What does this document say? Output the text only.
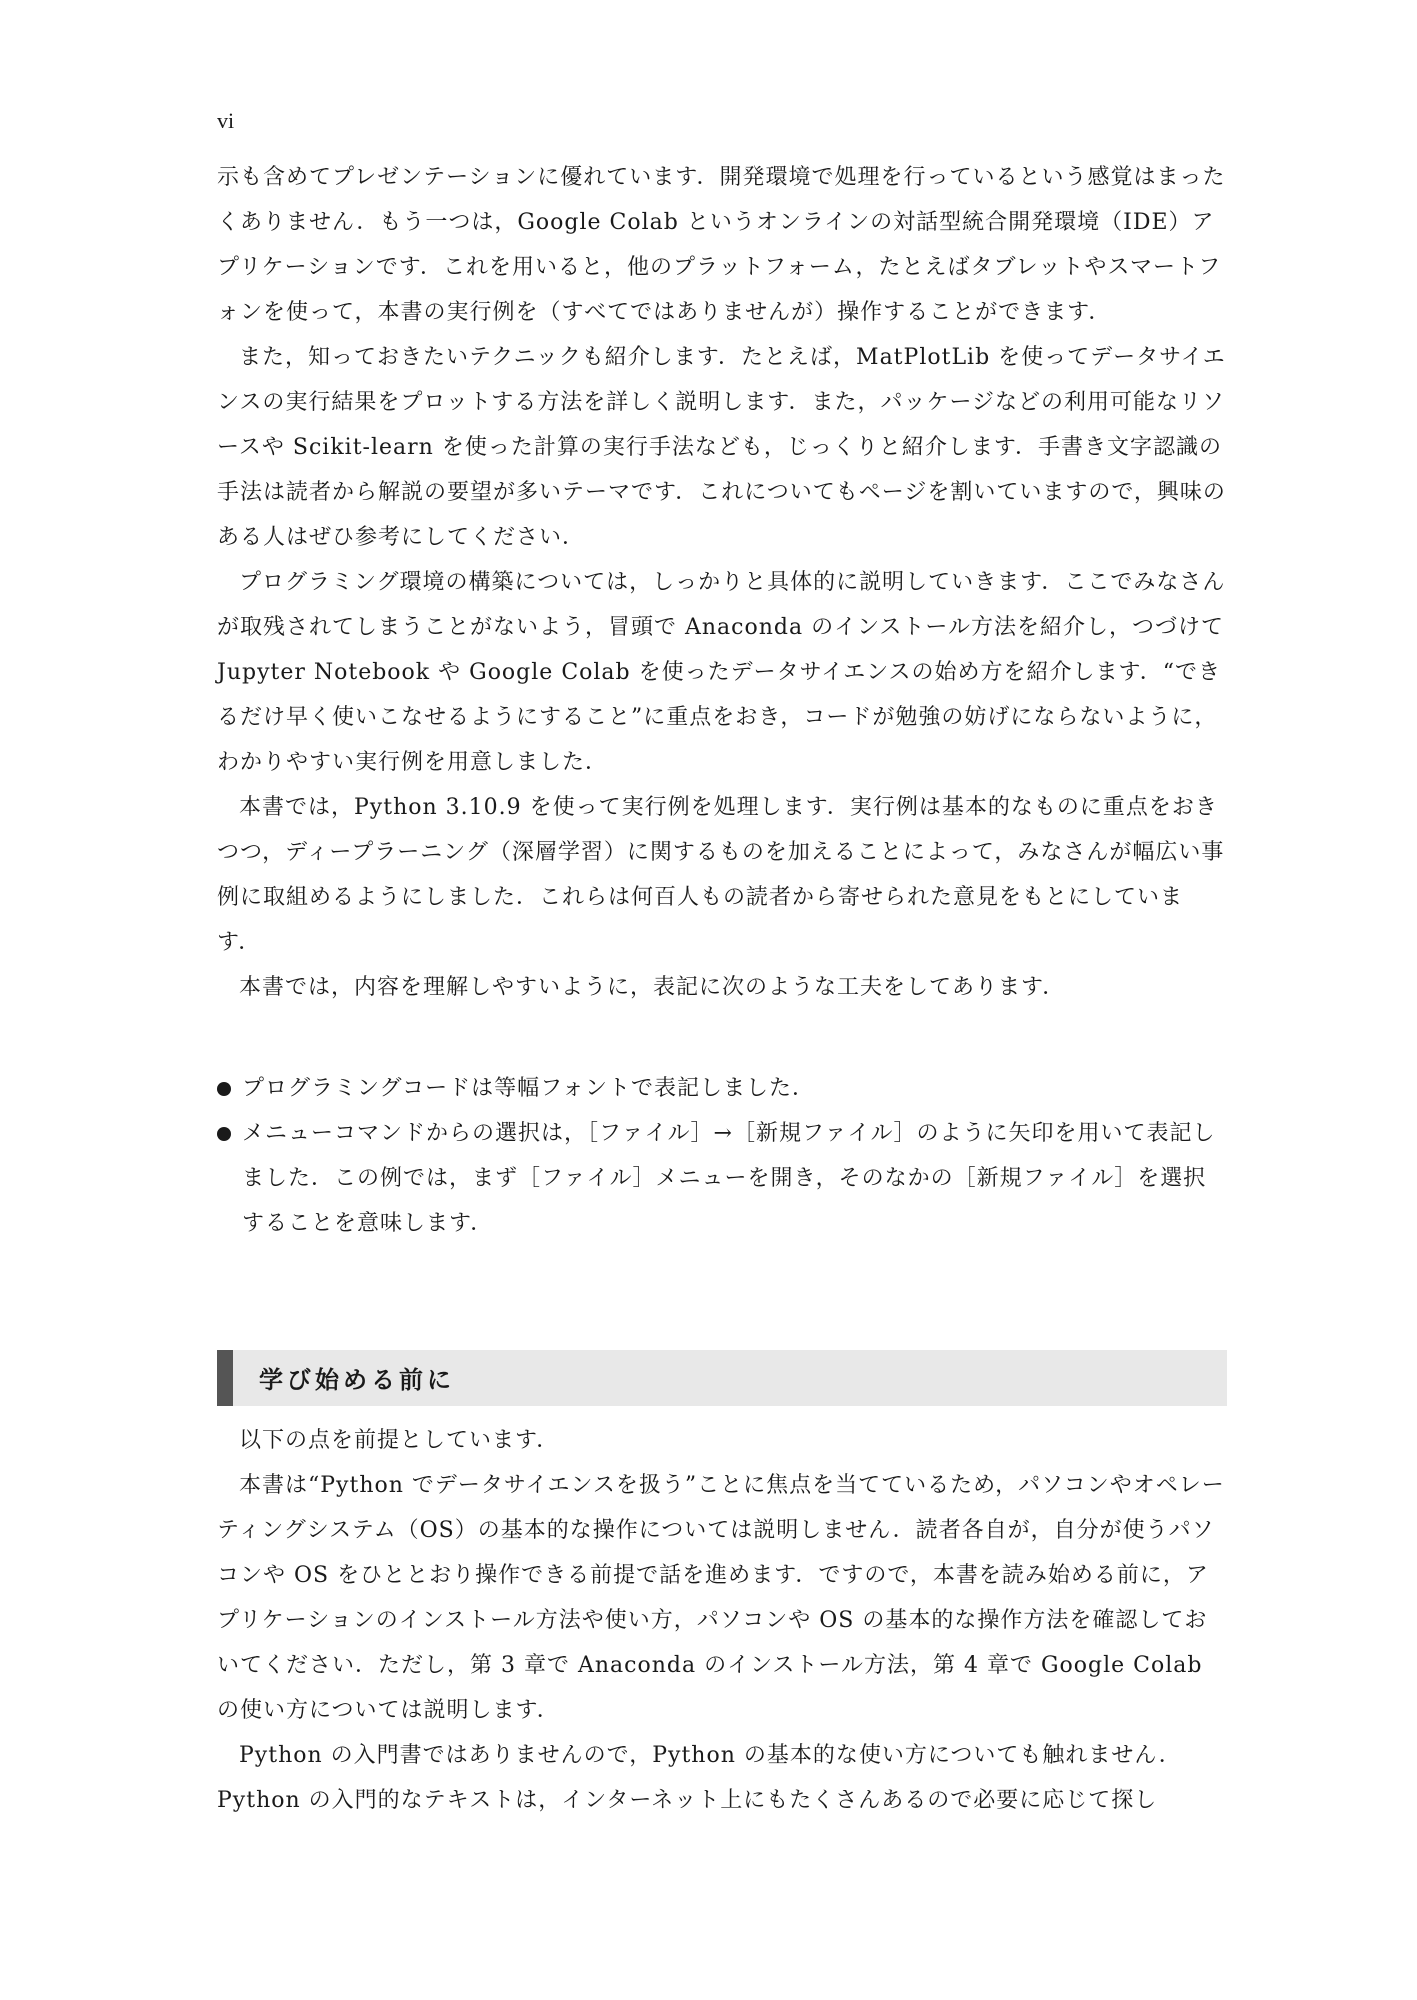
vi

示も含めてプレゼンテーションに優れています．開発環境で処理を行っているという感覚はまったくありません．もう一つは，Google Colab というオンラインの対話型統合開発環境（IDE）アプリケーションです．これを用いると，他のプラットフォーム，たとえばタブレットやスマートフォンを使って，本書の実行例を（すべてではありませんが）操作することができます．

また，知っておきたいテクニックも紹介します．たとえば，MatPlotLib を使ってデータサイエンスの実行結果をプロットする方法を詳しく説明します．また，パッケージなどの利用可能なリソースや Scikit-learn を使った計算の実行手法なども，じっくりと紹介します．手書き文字認識の手法は読者から解説の要望が多いテーマです．これについてもページを割いていますので，興味のある人はぜひ参考にしてください．

プログラミング環境の構築については，しっかりと具体的に説明していきます．ここでみなさんが取残されてしまうことがないよう，冒頭で Anaconda のインストール方法を紹介し，つづけて Jupyter Notebook や Google Colab を使ったデータサイエンスの始め方を紹介します．“できるだけ早く使いこなせるようにすること”に重点をおき，コードが勉強の妨げにならないように，わかりやすい実行例を用意しました．

本書では，Python 3.10.9 を使って実行例を処理します．実行例は基本的なものに重点をおきつつ，ディープラーニング（深層学習）に関するものを加えることによって，みなさんが幅広い事例に取組めるようにしました．これらは何百人もの読者から寄せられた意見をもとにしています．

本書では，内容を理解しやすいように，表記に次のような工夫をしてあります．

プログラミングコードは等幅フォントで表記しました．
メニューコマンドからの選択は，［ファイル］→［新規ファイル］のように矢印を用いて表記しました．この例では，まず［ファイル］メニューを開き，そのなかの［新規ファイル］を選択することを意味します．
学び始める前に

以下の点を前提としています．

本書は“Python でデータサイエンスを扱う”ことに焦点を当てているため，パソコンやオペレーティングシステム（OS）の基本的な操作については説明しません．読者各自が，自分が使うパソコンや OS をひととおり操作できる前提で話を進めます．ですので，本書を読み始める前に，アプリケーションのインストール方法や使い方，パソコンや OS の基本的な操作方法を確認しておいてください．ただし，第 3 章で Anaconda のインストール方法，第 4 章で Google Colab の使い方については説明します．

Python の入門書ではありませんので，Python の基本的な使い方についても触れません．Python の入門的なテキストは，インターネット上にもたくさんあるので必要に応じて探し
